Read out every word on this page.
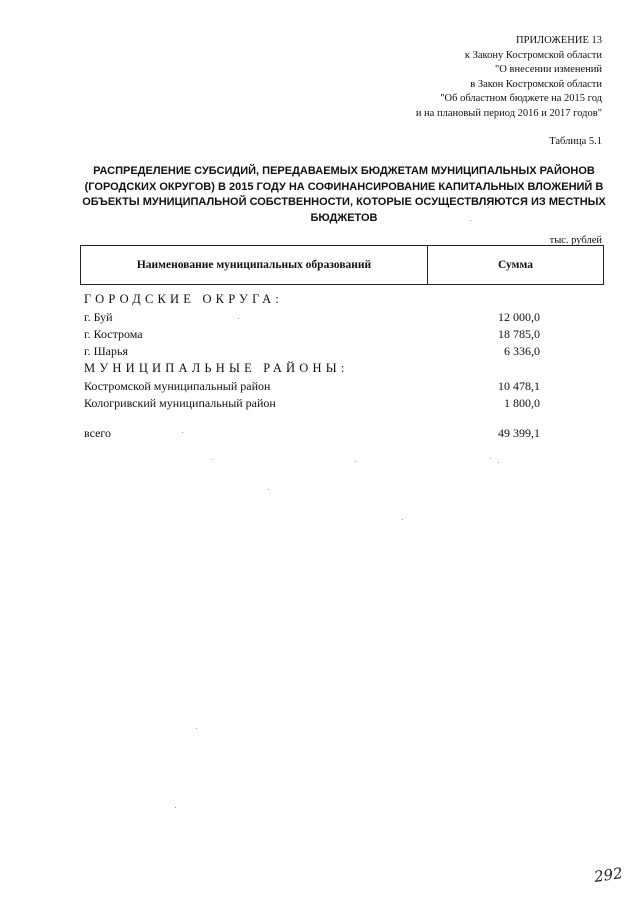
ПРИЛОЖЕНИЕ 13
к Закону Костромской области
"О внесении изменений
в Закон Костромской области
"Об областном бюджете на 2015 год
и на плановый период 2016 и 2017 годов"
Таблица 5.1
РАСПРЕДЕЛЕНИЕ СУБСИДИЙ, ПЕРЕДАВАЕМЫХ БЮДЖЕТАМ МУНИЦИПАЛЬНЫХ РАЙОНОВ
(ГОРОДСКИХ ОКРУГОВ) В 2015 ГОДУ НА СОФИНАНСИРОВАНИЕ КАПИТАЛЬНЫХ ВЛОЖЕНИЙ В
ОБЪЕКТЫ МУНИЦИПАЛЬНОЙ СОБСТВЕННОСТИ, КОТОРЫЕ ОСУЩЕСТВЛЯЮТСЯ ИЗ МЕСТНЫХ
БЮДЖЕТОВ
тыс. рублей
Наименование муниципальных образований	Сумма
ГОРОДСКИЕ ОКРУГА:
г. Буй	12 000,0
г. Кострома	18 785,0
г. Шарья	6 336,0
МУНИЦИПАЛЬНЫЕ РАЙОНЫ:
Костромской муниципальный район	10 478,1
Кологривский муниципальный район	1 800,0
всего	49 399,1
292
